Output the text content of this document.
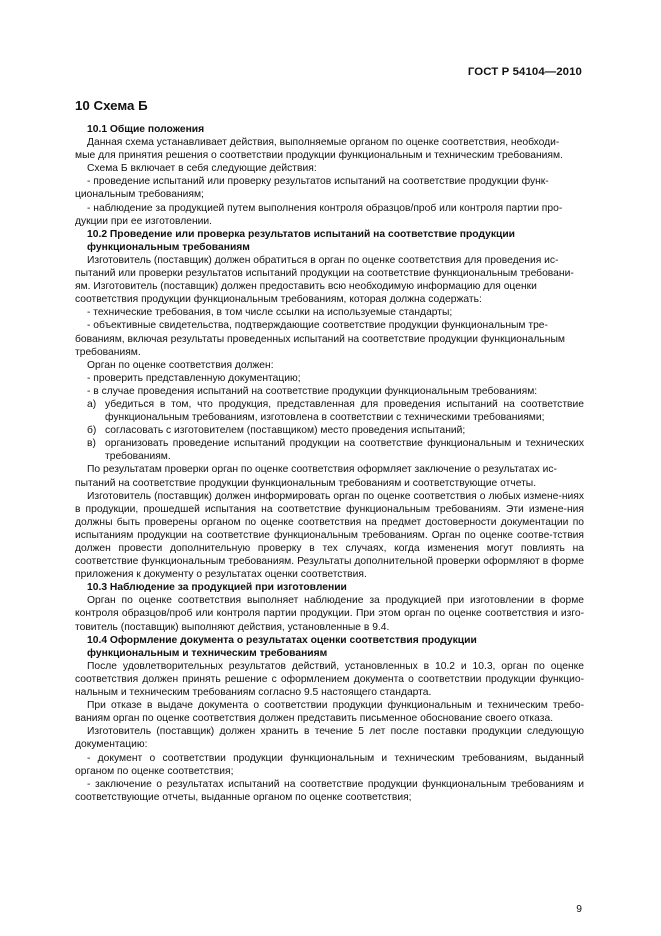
ГОСТ Р 54104—2010
10 Схема Б
10.1 Общие положения
Данная схема устанавливает действия, выполняемые органом по оценке соответствия, необходи-
мые для принятия решения о соответствии продукции функциональным и техническим требованиям.
Схема Б включает в себя следующие действия:
- проведение испытаний или проверку результатов испытаний на соответствие продукции функ-
циональным требованиям;
- наблюдение за продукцией путем выполнения контроля образцов/проб или контроля партии про-
дукции при ее изготовлении.
10.2 Проведение или проверка результатов испытаний на соответствие продукции
функциональным требованиям
Изготовитель (поставщик) должен обратиться в орган по оценке соответствия для проведения ис-
пытаний или проверки результатов испытаний продукции на соответствие функциональным требовани-
ям. Изготовитель (поставщик) должен предоставить всю необходимую информацию для оценки
соответствия продукции функциональным требованиям, которая должна содержать:
- технические требования, в том числе ссылки на используемые стандарты;
- объективные свидетельства, подтверждающие соответствие продукции функциональным тре-
бованиям, включая результаты проведенных испытаний на соответствие продукции функциональным
требованиям.
Орган по оценке соответствия должен:
- проверить представленную документацию;
- в случае проведения испытаний на соответствие продукции функциональным требованиям:
а) убедиться в том, что продукция, представленная для проведения испытаний на соответствие функциональным требованиям, изготовлена в соответствии с техническими требованиями;
б) согласовать с изготовителем (поставщиком) место проведения испытаний;
в) организовать проведение испытаний продукции на соответствие функциональным и технических требованиям.
По результатам проверки орган по оценке соответствия оформляет заключение о результатах ис-
пытаний на соответствие продукции функциональным требованиям и соответствующие отчеты.

Изготовитель (поставщик) должен информировать орган по оценке соответствия о любых измене-ниях в продукции, прошедшей испытания на соответствие функциональным требованиям. Эти измене-ния должны быть проверены органом по оценке соответствия на предмет достоверности документации по испытаниям продукции на соответствие функциональным требованиям. Орган по оценке соотве-тствия должен провести дополнительную проверку в тех случаях, когда изменения могут повлиять на соответствие функциональным требованиям. Результаты дополнительной проверки оформляют в форме приложения к документу о результатах оценки соответствия.

10.3 Наблюдение за продукцией при изготовлении

Орган по оценке соответствия выполняет наблюдение за продукцией при изготовлении в форме контроля образцов/проб или контроля партии продукции. При этом орган по оценке соответствия и изго-товитель (поставщик) выполняют действия, установленные в 9.4.

10.4 Оформление документа о результатах оценки соответствия продукции
функциональным и техническим требованиям

После удовлетворительных результатов действий, установленных в 10.2 и 10.3, орган по оценке соответствия должен принять решение с оформлением документа о соответствии продукции функцио-нальным и техническим требованиям согласно 9.5 настоящего стандарта.

При отказе в выдаче документа о соответствии продукции функциональным и техническим требо-ваниям орган по оценке соответствия должен представить письменное обоснование своего отказа.

Изготовитель (поставщик) должен хранить в течение 5 лет после поставки продукции следующую документацию:

- документ о соответствии продукции функциональным и техническим требованиям, выданный органом по оценке соответствия;

- заключение о результатах испытаний на соответствие продукции функциональным требованиям и соответствующие отчеты, выданные органом по оценке соответствия;

9
